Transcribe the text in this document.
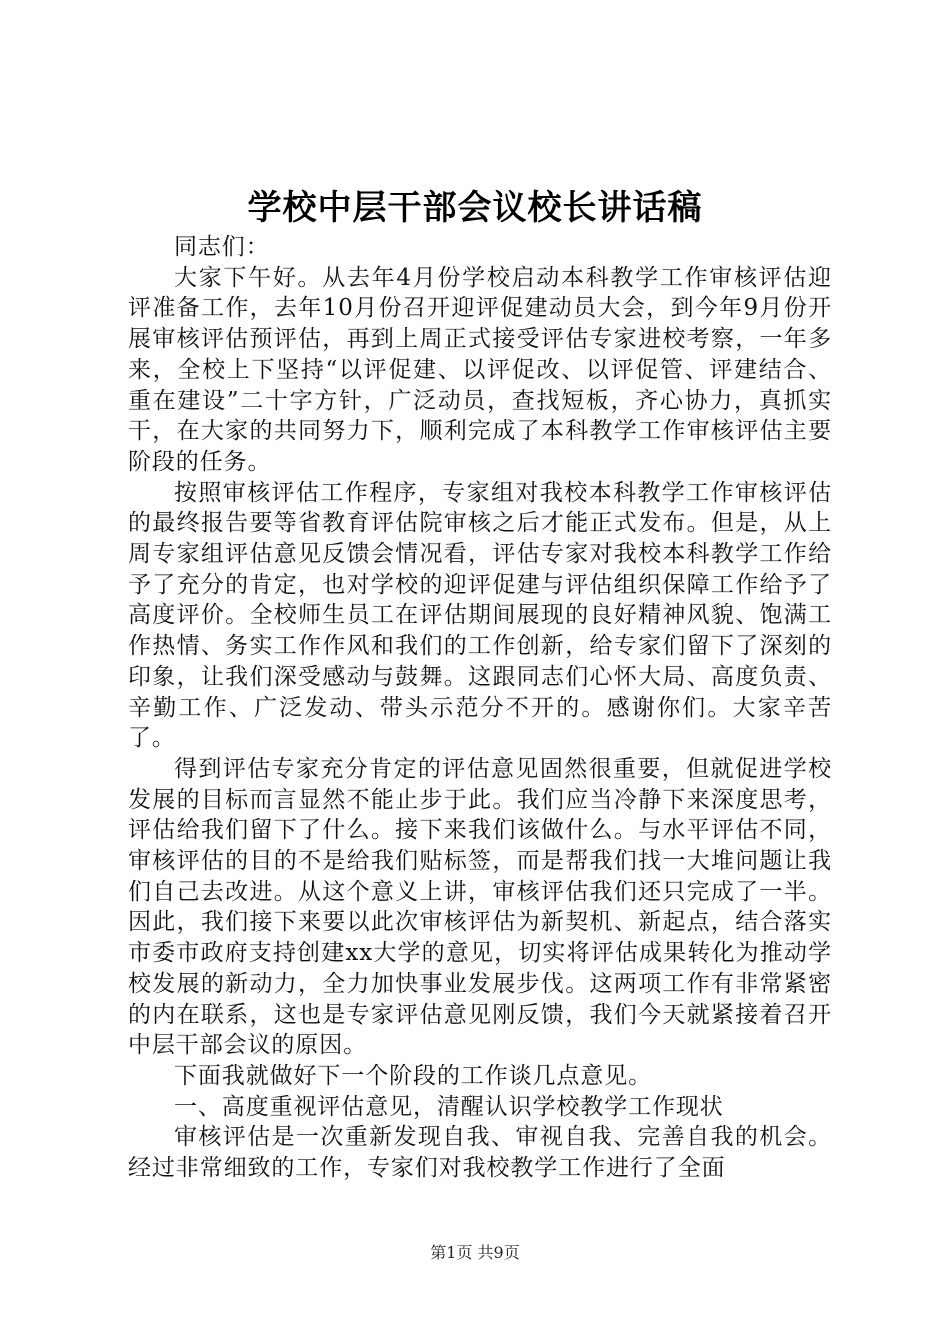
学校中层干部会议校长讲话稿

同志们：

大家下午好。从去年4月份学校启动本科教学工作审核评估迎评准备工作，去年10月份召开迎评促建动员大会，到今年9月份开展审核评估预评估，再到上周正式接受评估专家进校考察，一年多来，全校上下坚持“以评促建、以评促改、以评促管、评建结合、重在建设”二十字方针，广泛动员，查找短板，齐心协力，真抓实干，在大家的共同努力下，顺利完成了本科教学工作审核评估主要阶段的任务。

按照审核评估工作程序，专家组对我校本科教学工作审核评估的最终报告要等省教育评估院审核之后才能正式发布。但是，从上周专家组评估意见反馈会情况看，评估专家对我校本科教学工作给予了充分的肯定，也对学校的迎评促建与评估组织保障工作给予了高度评价。全校师生员工在评估期间展现的良好精神风貌、饱满工作热情、务实工作作风和我们的工作创新，给专家们留下了深刻的印象，让我们深受感动与鼓舞。这跟同志们心怀大局、高度负责、辛勤工作、广泛发动、带头示范分不开的。感谢你们。大家辛苦了。

得到评估专家充分肯定的评估意见固然很重要，但就促进学校发展的目标而言显然不能止步于此。我们应当冷静下来深度思考，评估给我们留下了什么。接下来我们该做什么。与水平评估不同，审核评估的目的不是给我们贴标签，而是帮我们找一大堆问题让我们自己去改进。从这个意义上讲，审核评估我们还只完成了一半。因此，我们接下来要以此次审核评估为新契机、新起点，结合落实市委市政府支持创建xx大学的意见，切实将评估成果转化为推动学校发展的新动力，全力加快事业发展步伐。这两项工作有非常紧密的内在联系，这也是专家评估意见刚反馈，我们今天就紧接着召开中层干部会议的原因。

下面我就做好下一个阶段的工作谈几点意见。

一、高度重视评估意见，清醒认识学校教学工作现状

审核评估是一次重新发现自我、审视自我、完善自我的机会。经过非常细致的工作，专家们对我校教学工作进行了全面

第1页 共9页
